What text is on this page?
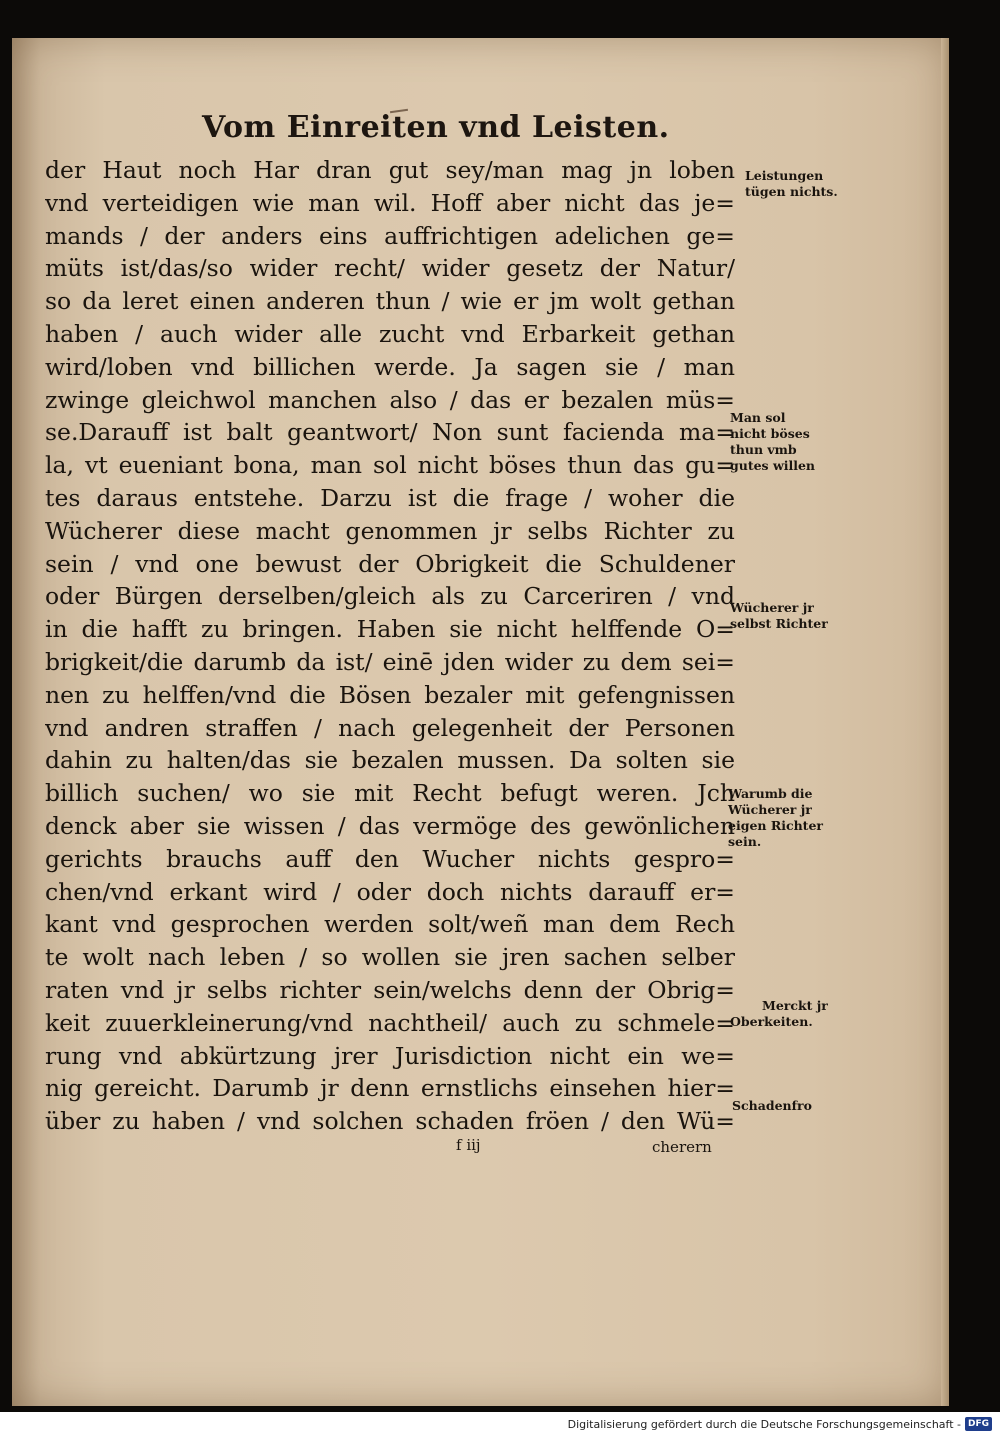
Vom Einreiten vnd Leisten.
der Haut noch Har dran gut sey/man mag jn loben
vnd verteidigen wie man wil. Hoff aber nicht das je=
mands / der anders eins auffrichtigen adelichen ge=
müts ist/das/so wider recht/ wider gesetz der Natur/
so da leret einen anderen thun / wie er jm wolt gethan
haben / auch wider alle zucht vnd Erbarkeit gethan
wird/loben vnd billichen werde. Ja sagen sie / man
zwinge gleichwol manchen also / das er bezalen müs=
se.Darauff ist balt geantwort/ Non sunt facienda ma=
la, vt eueniant bona, man sol nicht böses thun das gu=
tes daraus entstehe. Darzu ist die frage / woher die
Wücherer diese macht genommen jr selbs Richter zu
sein / vnd one bewust der Obrigkeit die Schuldener
oder Bürgen derselben/gleich als zu Carceriren / vnd
in die hafft zu bringen. Haben sie nicht helffende O=
brigkeit/die darumb da ist/ einē jden wider zu dem sei=
nen zu helffen/vnd die Bösen bezaler mit gefengnissen
vnd andren straffen / nach gelegenheit der Personen
dahin zu halten/das sie bezalen mussen. Da solten sie
billich suchen/ wo sie mit Recht befugt weren. Jch
denck aber sie wissen / das vermöge des gewönlichen
gerichts brauchs auff den Wucher nichts gespro=
chen/vnd erkant wird / oder doch nichts darauff er=
kant vnd gesprochen werden solt/weñ man dem Rech
te wolt nach leben / so wollen sie jren sachen selber
raten vnd jr selbs richter sein/welchs denn der Obrig=
keit zuuerkleinerung/vnd nachtheil/ auch zu schmele=
rung vnd abkürtzung jrer Jurisdiction nicht ein we=
nig gereicht. Darumb jr denn ernstlichs einsehen hier=
über zu haben / vnd solchen schaden fröen / den Wü=
Leistungen
tügen nichts.
Man sol
nicht böses
thun vmb
gutes willen
Wücherer jr
selbst Richter
Warumb die
Wücherer jr
eigen Richter
sein.
Merckt jr
Oberkeiten.
Schadenfro
f iij	cherern
Digitalisierung gefördert durch die Deutsche Forschungsgemeinschaft - DFG
